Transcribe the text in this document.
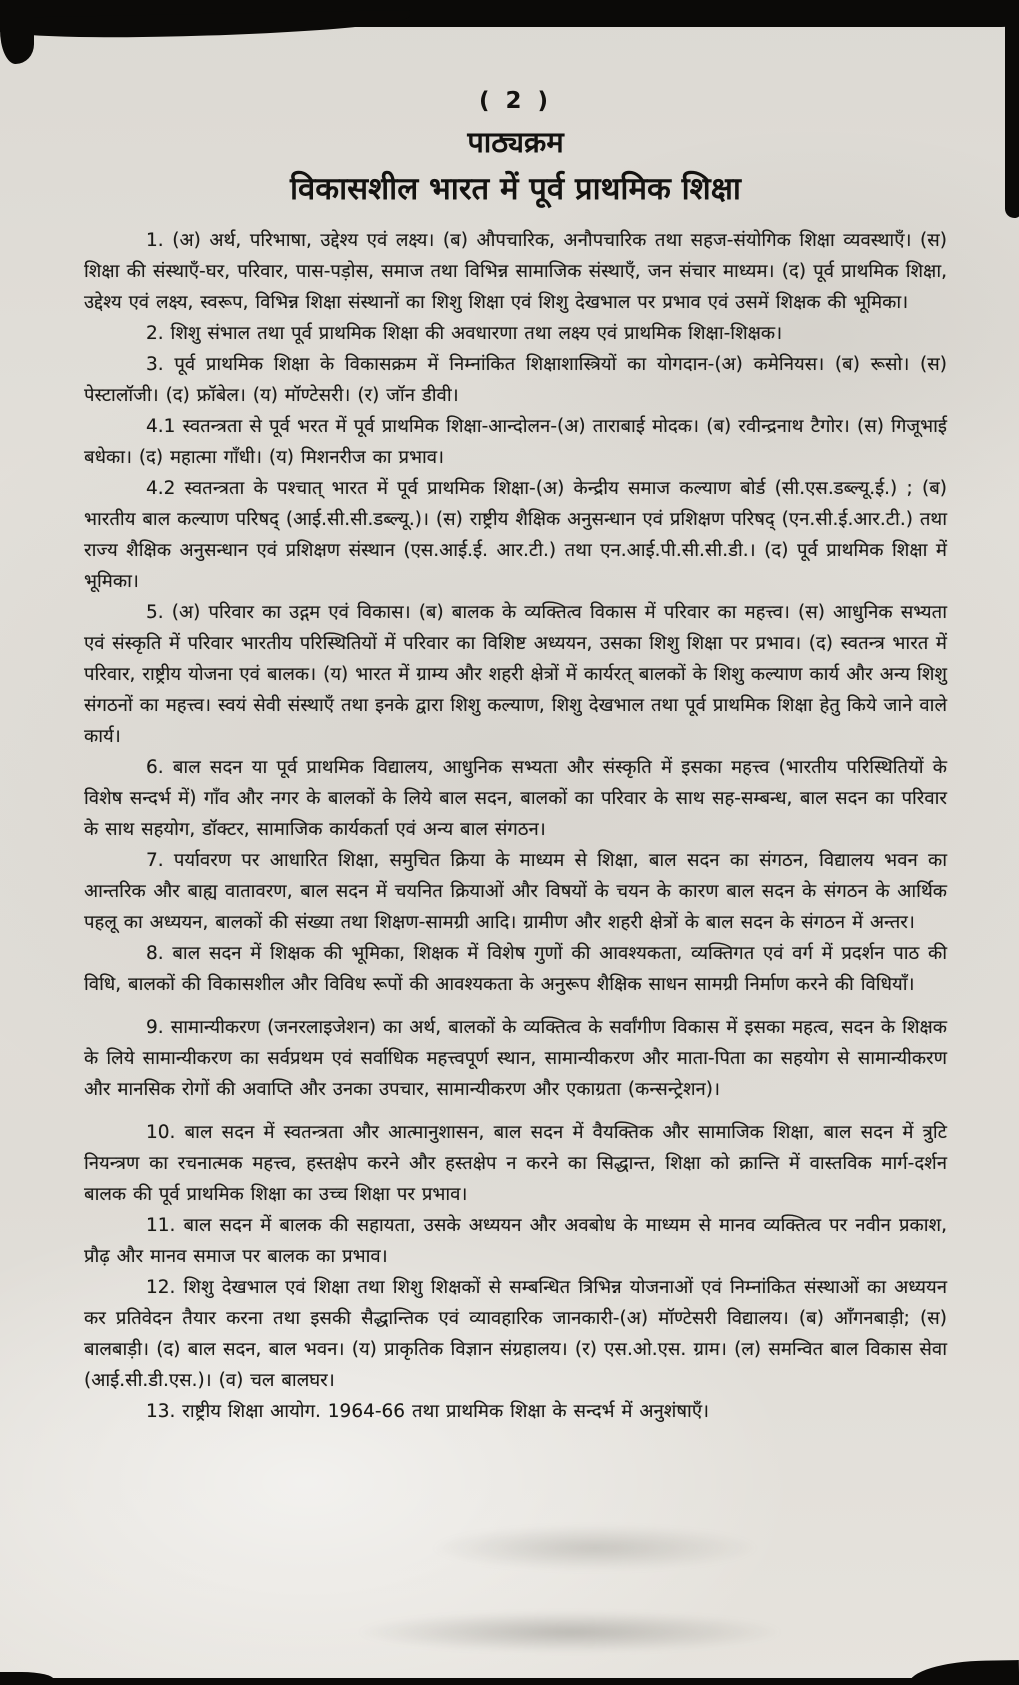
( 2 )
पाठ्यक्रम
विकासशील भारत में पूर्व प्राथमिक शिक्षा

1. (अ) अर्थ, परिभाषा, उद्देश्य एवं लक्ष्य। (ब) औपचारिक, अनौपचारिक तथा सहज-संयोगिक शिक्षा व्यवस्थाएँ। (स) शिक्षा की संस्थाएँ-घर, परिवार, पास-पड़ोस, समाज तथा विभिन्न सामाजिक संस्थाएँ, जन संचार माध्यम। (द) पूर्व प्राथमिक शिक्षा, उद्देश्य एवं लक्ष्य, स्वरूप, विभिन्न शिक्षा संस्थानों का शिशु शिक्षा एवं शिशु देखभाल पर प्रभाव एवं उसमें शिक्षक की भूमिका।

2. शिशु संभाल तथा पूर्व प्राथमिक शिक्षा की अवधारणा तथा लक्ष्य एवं प्राथमिक शिक्षा-शिक्षक।

3. पूर्व प्राथमिक शिक्षा के विकासक्रम में निम्नांकित शिक्षाशास्त्रियों का योगदान-(अ) कमेनियस। (ब) रूसो। (स) पेस्टालॉजी। (द) फ्रॉबेल। (य) मॉण्टेसरी। (र) जॉन डीवी।

4.1 स्वतन्त्रता से पूर्व भरत में पूर्व प्राथमिक शिक्षा-आन्दोलन-(अ) ताराबाई मोदक। (ब) रवीन्द्रनाथ टैगोर। (स) गिजूभाई बधेका। (द) महात्मा गाँधी। (य) मिशनरीज का प्रभाव।

4.2 स्वतन्त्रता के पश्चात् भारत में पूर्व प्राथमिक शिक्षा-(अ) केन्द्रीय समाज कल्याण बोर्ड (सी.एस.डब्ल्यू.ई.) ; (ब) भारतीय बाल कल्याण परिषद् (आई.सी.सी.डब्ल्यू.)। (स) राष्ट्रीय शैक्षिक अनुसन्धान एवं प्रशिक्षण परिषद् (एन.सी.ई.आर.टी.) तथा राज्य शैक्षिक अनुसन्धान एवं प्रशिक्षण संस्थान (एस.आई.ई. आर.टी.) तथा एन.आई.पी.सी.सी.डी.। (द) पूर्व प्राथमिक शिक्षा में भूमिका।

5. (अ) परिवार का उद्गम एवं विकास। (ब) बालक के व्यक्तित्व विकास में परिवार का महत्त्व। (स) आधुनिक सभ्यता एवं संस्कृति में परिवार भारतीय परिस्थितियों में परिवार का विशिष्ट अध्ययन, उसका शिशु शिक्षा पर प्रभाव। (द) स्वतन्त्र भारत में परिवार, राष्ट्रीय योजना एवं बालक। (य) भारत में ग्राम्य और शहरी क्षेत्रों में कार्यरत् बालकों के शिशु कल्याण कार्य और अन्य शिशु संगठनों का महत्त्व। स्वयं सेवी संस्थाएँ तथा इनके द्वारा शिशु कल्याण, शिशु देखभाल तथा पूर्व प्राथमिक शिक्षा हेतु किये जाने वाले कार्य।

6. बाल सदन या पूर्व प्राथमिक विद्यालय, आधुनिक सभ्यता और संस्कृति में इसका महत्त्व (भारतीय परिस्थितियों के विशेष सन्दर्भ में) गाँव और नगर के बालकों के लिये बाल सदन, बालकों का परिवार के साथ सह-सम्बन्ध, बाल सदन का परिवार के साथ सहयोग, डॉक्टर, सामाजिक कार्यकर्ता एवं अन्य बाल संगठन।

7. पर्यावरण पर आधारित शिक्षा, समुचित क्रिया के माध्यम से शिक्षा, बाल सदन का संगठन, विद्यालय भवन का आन्तरिक और बाह्य वातावरण, बाल सदन में चयनित क्रियाओं और विषयों के चयन के कारण बाल सदन के संगठन के आर्थिक पहलू का अध्ययन, बालकों की संख्या तथा शिक्षण-सामग्री आदि। ग्रामीण और शहरी क्षेत्रों के बाल सदन के संगठन में अन्तर।

8. बाल सदन में शिक्षक की भूमिका, शिक्षक में विशेष गुणों की आवश्यकता, व्यक्तिगत एवं वर्ग में प्रदर्शन पाठ की विधि, बालकों की विकासशील और विविध रूपों की आवश्यकता के अनुरूप शैक्षिक साधन सामग्री निर्माण करने की विधियाँ।

9. सामान्यीकरण (जनरलाइजेशन) का अर्थ, बालकों के व्यक्तित्व के सर्वांगीण विकास में इसका महत्व, सदन के शिक्षक के लिये सामान्यीकरण का सर्वप्रथम एवं सर्वाधिक महत्त्वपूर्ण स्थान, सामान्यीकरण और माता-पिता का सहयोग से सामान्यीकरण और मानसिक रोगों की अवाप्ति और उनका उपचार, सामान्यीकरण और एकाग्रता (कन्सन्ट्रेशन)।

10. बाल सदन में स्वतन्त्रता और आत्मानुशासन, बाल सदन में वैयक्तिक और सामाजिक शिक्षा, बाल सदन में त्रुटि नियन्त्रण का रचनात्मक महत्त्व, हस्तक्षेप करने और हस्तक्षेप न करने का सिद्धान्त, शिक्षा को क्रान्ति में वास्तविक मार्ग-दर्शन बालक की पूर्व प्राथमिक शिक्षा का उच्च शिक्षा पर प्रभाव।

11. बाल सदन में बालक की सहायता, उसके अध्ययन और अवबोध के माध्यम से मानव व्यक्तित्व पर नवीन प्रकाश, प्रौढ़ और मानव समाज पर बालक का प्रभाव।

12. शिशु देखभाल एवं शिक्षा तथा शिशु शिक्षकों से सम्बन्धित त्रिभिन्न योजनाओं एवं निम्नांकित संस्थाओं का अध्ययन कर प्रतिवेदन तैयार करना तथा इसकी सैद्धान्तिक एवं व्यावहारिक जानकारी-(अ) मॉण्टेसरी विद्यालय। (ब) आँगनबाड़ी; (स) बालबाड़ी। (द) बाल सदन, बाल भवन। (य) प्राकृतिक विज्ञान संग्रहालय। (र) एस.ओ.एस. ग्राम। (ल) समन्वित बाल विकास सेवा (आई.सी.डी.एस.)। (व) चल बालघर।

13. राष्ट्रीय शिक्षा आयोग. 1964-66 तथा प्राथमिक शिक्षा के सन्दर्भ में अनुशंषाएँ।
